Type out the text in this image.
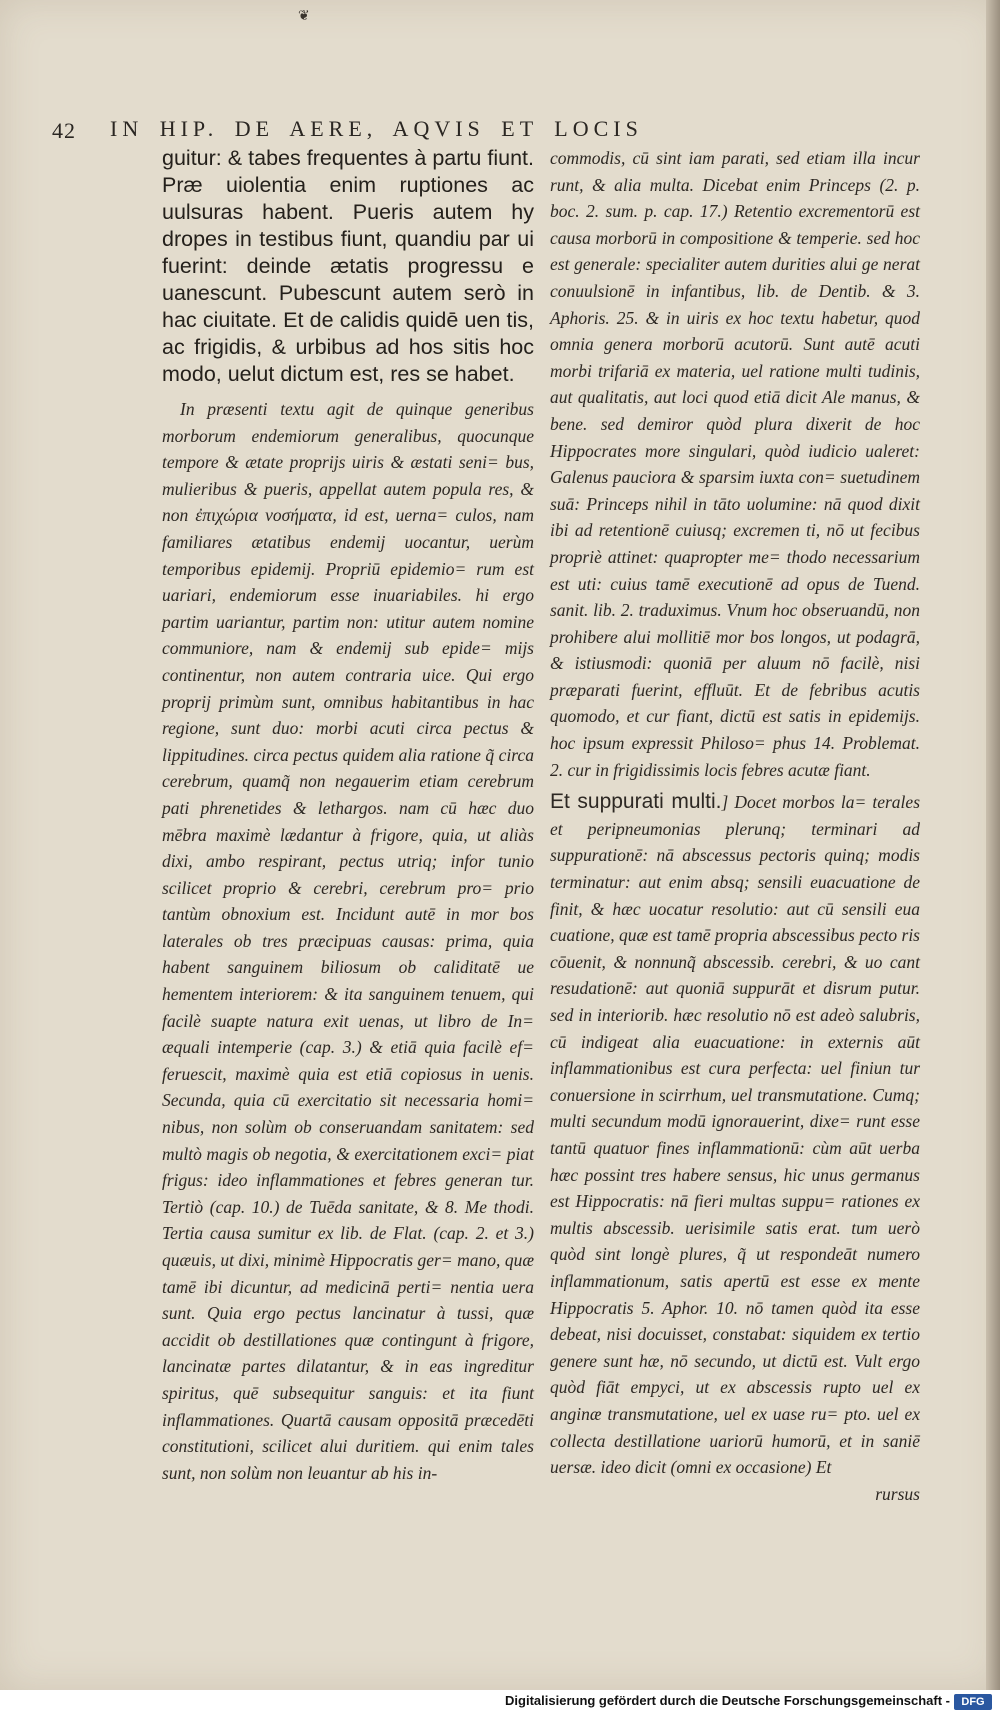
❦
42 IN HIP. DE AERE, AQVIS ET LOCIS

guitur: & tabes frequentes à partu fiunt. Præ uiolentia enim ruptiones ac uulsuras habent. Pueris autem hy dropes in testibus fiunt, quandiu par ui fuerint: deinde ætatis progressu e uanescunt. Pubescunt autem serò in hac ciuitate. Et de calidis quidē uen tis, ac frigidis, & urbibus ad hos sitis hoc modo, uelut dictum est, res se habet.

In præsenti textu agit de quinque generibus morborum endemiorum generalibus, quocunque tempore & ætate proprijs uiris & æstati seni= bus, mulieribus & pueris, appellat autem popula res, & non ἐπιχώρια νοσήματα, id est, uerna= culos, nam familiares ætatibus endemij uocantur, uerùm temporibus epidemij. Propriū epidemio= rum est uariari, endemiorum esse inuariabiles. hi ergo partim uariantur, partim non: utitur autem nomine communiore, nam & endemij sub epide= mijs continentur, non autem contraria uice. Qui ergo proprij primùm sunt, omnibus habitantibus in hac regione, sunt duo: morbi acuti circa pectus & lippitudines. circa pectus quidem alia ratione q̃ circa cerebrum, quamq̃ non negauerim etiam cerebrum pati phrenetides & lethargos. nam cū hæc duo mēbra maximè lædantur à frigore, quia, ut aliàs dixi, ambo respirant, pectus utriq; infor tunio scilicet proprio & cerebri, cerebrum pro= prio tantùm obnoxium est. Incidunt autē in mor bos laterales ob tres præcipuas causas: prima, quia habent sanguinem biliosum ob caliditatē ue hementem interiorem: & ita sanguinem tenuem, qui facilè suapte natura exit uenas, ut libro de In= æquali intemperie (cap. 3.) & etiā quia facilè ef= feruescit, maximè quia est etiā copiosus in uenis. Secunda, quia cū exercitatio sit necessaria homi= nibus, non solùm ob conseruandam sanitatem: sed multò magis ob negotia, & exercitationem exci= piat frigus: ideo inflammationes et febres generan tur. Tertiò (cap. 10.) de Tuēda sanitate, & 8. Me thodi. Tertia causa sumitur ex lib. de Flat. (cap. 2. et 3.) quæuis, ut dixi, minimè Hippocratis ger= mano, quæ tamē ibi dicuntur, ad medicinā perti= nentia uera sunt. Quia ergo pectus lancinatur à tussi, quæ accidit ob destillationes quæ contingunt à frigore, lancinatæ partes dilatantur, & in eas ingreditur spiritus, quē subsequitur sanguis: et ita fiunt inflammationes. Quartā causam oppositā præcedēti constitutioni, scilicet alui duritiem. qui enim tales sunt, non solùm non leuantur ab his in-

commodis, cū sint iam parati, sed etiam illa incur runt, & alia multa. Dicebat enim Princeps (2. p. boc. 2. sum. p. cap. 17.) Retentio excrementorū est causa morborū in compositione & temperie. sed hoc est generale: specialiter autem durities alui ge nerat conuulsionē in infantibus, lib. de Dentib. & 3. Aphoris. 25. & in uiris ex hoc textu habetur, quod omnia genera morborū acutorū. Sunt autē acuti morbi trifariā ex materia, uel ratione multi tudinis, aut qualitatis, aut loci quod etiā dicit Ale manus, & bene. sed demiror quòd plura dixerit de hoc Hippocrates more singulari, quòd iudicio ualeret: Galenus pauciora & sparsim iuxta con= suetudinem suā: Princeps nihil in tāto uolumine: nā quod dixit ibi ad retentionē cuiusq; excremen ti, nō ut fecibus propriè attinet: quapropter me= thodo necessarium est uti: cuius tamē executionē ad opus de Tuend. sanit. lib. 2. traduximus. Vnum hoc obseruandū, non prohibere alui mollitiē mor bos longos, ut podagrā, & istiusmodi: quoniā per aluum nō facilè, nisi præparati fuerint, effluūt. Et de febribus acutis quomodo, et cur fiant, dictū est satis in epidemijs. hoc ipsum expressit Philoso= phus 14. Problemat. 2. cur in frigidissimis locis febres acutæ fiant.

Et suppurati multi.] Docet morbos la= terales et peripneumonias plerunq; terminari ad suppurationē: nā abscessus pectoris quinq; modis terminatur: aut enim absq; sensili euacuatione de finit, & hæc uocatur resolutio: aut cū sensili eua cuatione, quæ est tamē propria abscessibus pecto ris cōuenit, & nonnunq̃ abscessib. cerebri, & uo cant resudationē: aut quoniā suppurāt et disrum putur. sed in interiorib. hæc resolutio nō est adeò salubris, cū indigeat alia euacuatione: in externis aūt inflammationibus est cura perfecta: uel finiun tur conuersione in scirrhum, uel transmutatione. Cumq; multi secundum modū ignorauerint, dixe= runt esse tantū quatuor fines inflammationū: cùm aūt uerba hæc possint tres habere sensus, hic unus germanus est Hippocratis: nā fieri multas suppu= rationes ex multis abscessib. uerisimile satis erat. tum uerò quòd sint longè plures, q̃ ut respondeāt numero inflammationum, satis apertū est esse ex mente Hippocratis 5. Aphor. 10. nō tamen quòd ita esse debeat, nisi docuisset, constabat: siquidem ex tertio genere sunt hæ, nō secundo, ut dictū est. Vult ergo quòd fiāt empyci, ut ex abscessis rupto uel ex anginæ transmutatione, uel ex uase ru= pto. uel ex collecta destillatione uariorū humorū, et in saniē uersæ. ideo dicit (omni ex occasione) Et

rursus

Digitalisierung gefördert durch die Deutsche Forschungsgemeinschaft -	DFG
